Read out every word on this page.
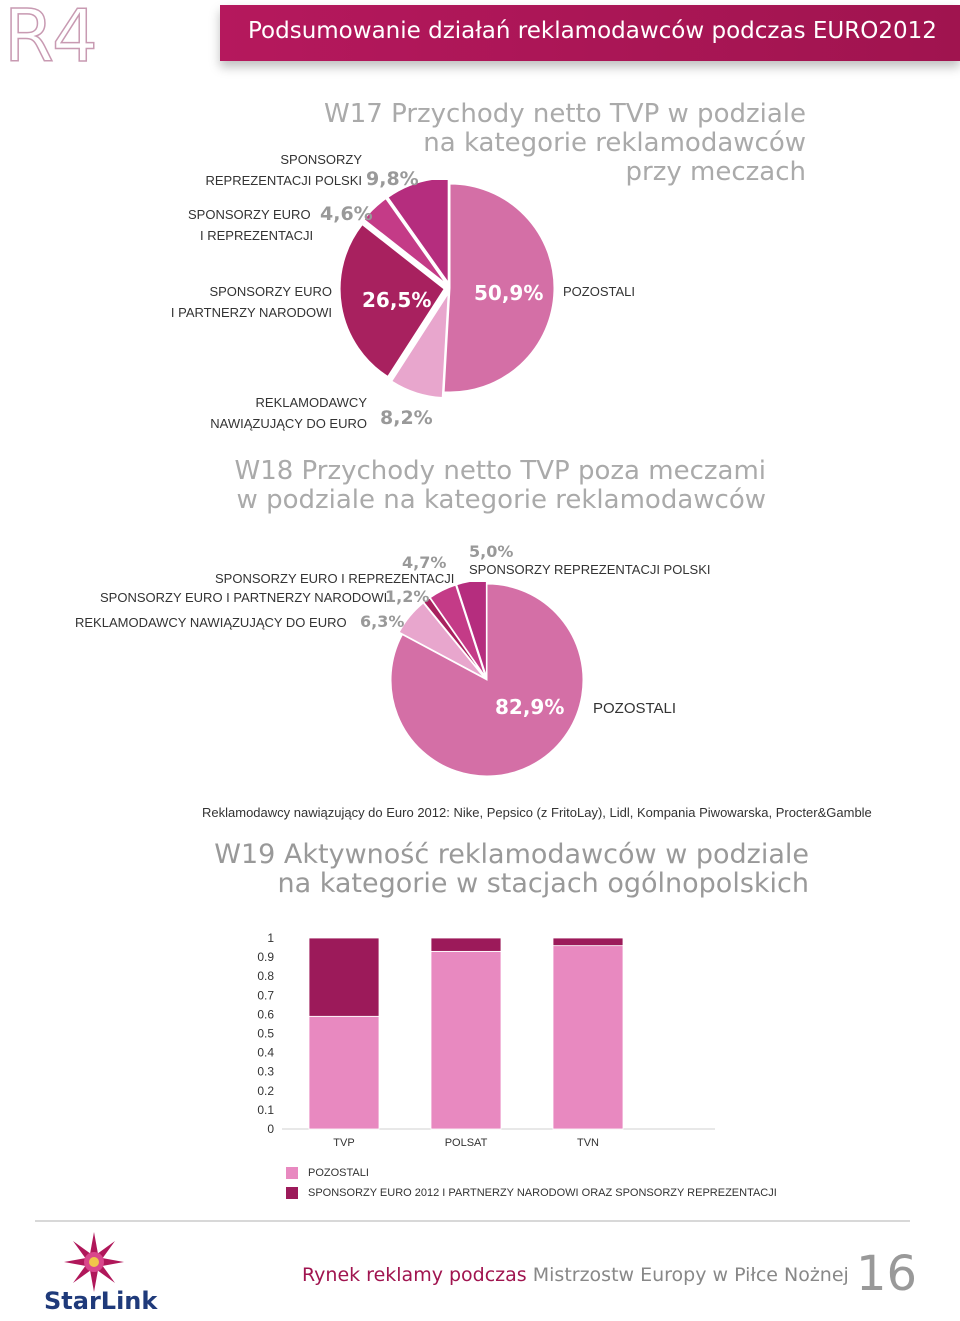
R4	Podsumowanie działań reklamodawców podczas EURO2012
W17 Przychody netto TVP w podziale
na kategorie reklamodawców
przy meczach
SPONSORZY
REPREZENTACJI POLSKI 9,8%
SPONSORZY EURO
I REPREZENTACJI
4,6%
SPONSORZY EURO
I PARTNERZY NARODOWI
26,5% 50,9% POZOSTALI
REKLAMODAWCY
NAWIĄZUJĄCY DO EURO 8,2%
W18 Przychody netto TVP poza meczami
w podziale na kategorie reklamodawców
4,7%
SPONSORZY EURO I REPREZENTACJI
SPONSORZY EURO I PARTNERZY NARODOWI
1,2%
REKLAMODAWCY NAWIĄZUJĄCY DO EURO 6,3%
5,0%
SPONSORZY REPREZENTACJI POLSKI
82,9% POZOSTALI
Reklamodawcy nawiązujący do Euro 2012: Nike, Pepsico (z FritoLay), Lidl, Kompania Piwowarska, Procter&Gamble
W19 Aktywność reklamodawców w podziale
na kategorie w stacjach ogólnopolskich
1
0.9
0.8
0.7
0.6
0.5
0.4
0.3
0.2
0.1
0
TVP	POLSAT	TVN
POZOSTALI
SPONSORZY EURO 2012 I PARTNERZY NARODOWI ORAZ SPONSORZY REPREZENTACJI
StarLink
Rynek reklamy podczas Mistrzostw Europy w Piłce Nożnej 16
